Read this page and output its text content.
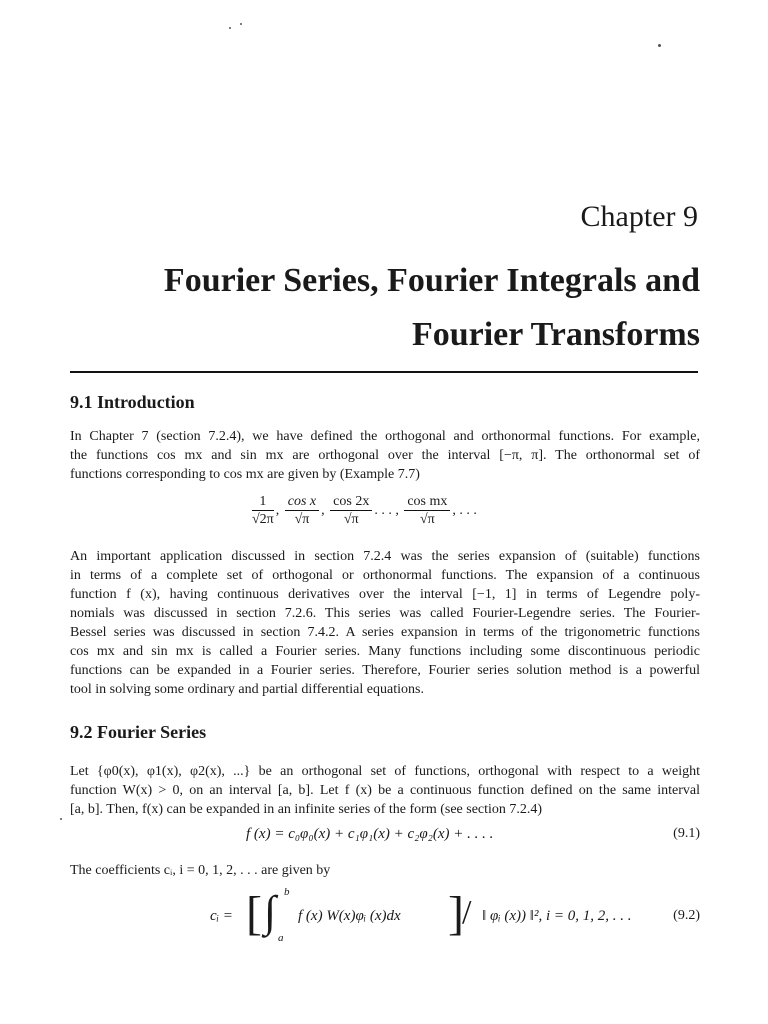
Chapter 9
Fourier Series, Fourier Integrals and
Fourier Transforms
9.1 Introduction
In Chapter 7 (section 7.2.4), we have defined the orthogonal and orthonormal functions. For example,
the functions cos mx and sin mx are orthogonal over the interval [−π, π]. The orthonormal set of
functions corresponding to cos mx are given by (Example 7.7)
$\frac{1}{√2\pi}$ , $\frac{\text{cos x}}{√\pi}$ , $\frac{\cos 2x}{√\pi}$ . . . , $\frac{\text{cos mx}}{√\pi}$ , . . .
An important application discussed in section 7.2.4 was the series expansion of (suitable) functions
in terms of a complete set of orthogonal or orthonormal functions. The expansion of a continuous
function f (x), having continuous derivatives over the interval [−1, 1] in terms of Legendre poly-
nomials was discussed in section 7.2.6. This series was called Fourier-Legendre series. The Fourier-
Bessel series was discussed in section 7.4.2. A series expansion in terms of the trigonometric functions
cos mx and sin mx is called a Fourier series. Many functions including some discontinuous periodic
functions can be expanded in a Fourier series. Therefore, Fourier series solution method is a powerful
tool in solving some ordinary and partial differential equations.
9.2 Fourier Series
Let {φ0(x), φ1(x), φ2(x), ...} be an orthogonal set of functions, orthogonal with respect to a weight
function W(x) > 0, on an interval [a, b]. Let f (x) be a continuous function defined on the same interval
[a, b]. Then, f(x) can be expanded in an infinite series of the form (see section 7.2.4)
f (x) = c₀φ₀(x) + c₁φ₁(x) + c₂φ₂(x) + . . . .	(9.1)
The coefficients cᵢ, i = 0, 1, 2, . . . are given by
cᵢ = [ ∫ b
a
f (x) W(x)φᵢ (x)dx ]
/ ‖ φᵢ (x)) ‖², i = 0, 1, 2, . . .	(9.2)
